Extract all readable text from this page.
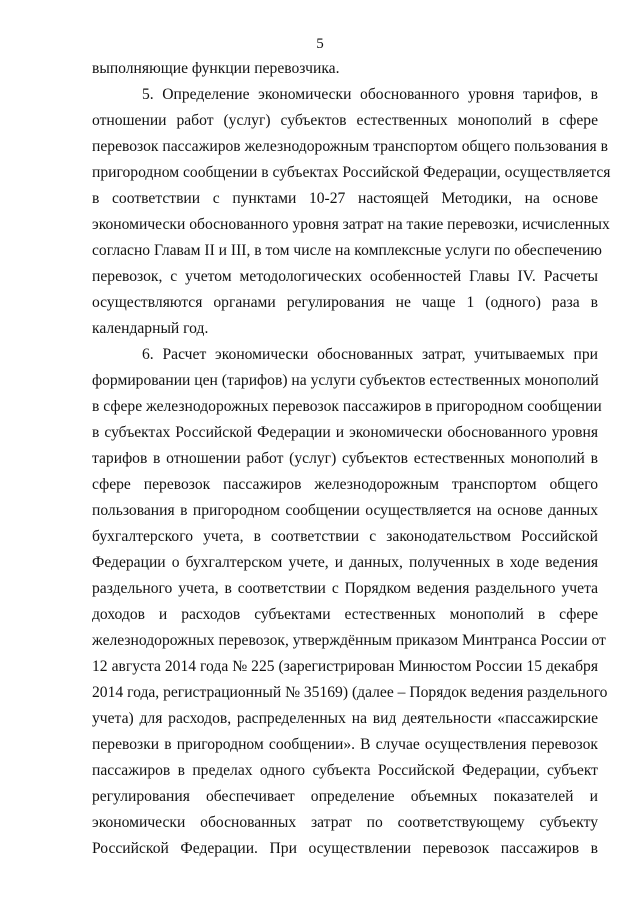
5
выполняющие функции перевозчика.
5. Определение экономически обоснованного уровня тарифов, в
отношении работ (услуг) субъектов естественных монополий в сфере
перевозок пассажиров железнодорожным транспортом общего пользования в
пригородном сообщении в субъектах Российской Федерации, осуществляется
в соответствии с пунктами 10-27 настоящей Методики, на основе
экономически обоснованного уровня затрат на такие перевозки, исчисленных
согласно Главам II и III, в том числе на комплексные услуги по обеспечению
перевозок, с учетом методологических особенностей Главы IV. Расчеты
осуществляются органами регулирования не чаще 1 (одного) раза в
календарный год.
6. Расчет экономически обоснованных затрат, учитываемых при
формировании цен (тарифов) на услуги субъектов естественных монополий
в сфере железнодорожных перевозок пассажиров в пригородном сообщении
в субъектах Российской Федерации и экономически обоснованного уровня
тарифов в отношении работ (услуг) субъектов естественных монополий в
сфере перевозок пассажиров железнодорожным транспортом общего
пользования в пригородном сообщении осуществляется на основе данных
бухгалтерского учета, в соответствии с законодательством Российской
Федерации о бухгалтерском учете, и данных, полученных в ходе ведения
раздельного учета, в соответствии с Порядком ведения раздельного учета
доходов и расходов субъектами естественных монополий в сфере
железнодорожных перевозок, утверждённым приказом Минтранса России от
12 августа 2014 года № 225 (зарегистрирован Минюстом России 15 декабря
2014 года, регистрационный № 35169) (далее – Порядок ведения раздельного
учета) для расходов, распределенных на вид деятельности «пассажирские
перевозки в пригородном сообщении». В случае осуществления перевозок
пассажиров в пределах одного субъекта Российской Федерации, субъект
регулирования обеспечивает определение объемных показателей и
экономически обоснованных затрат по соответствующему субъекту
Российской Федерации. При осуществлении перевозок пассажиров в
